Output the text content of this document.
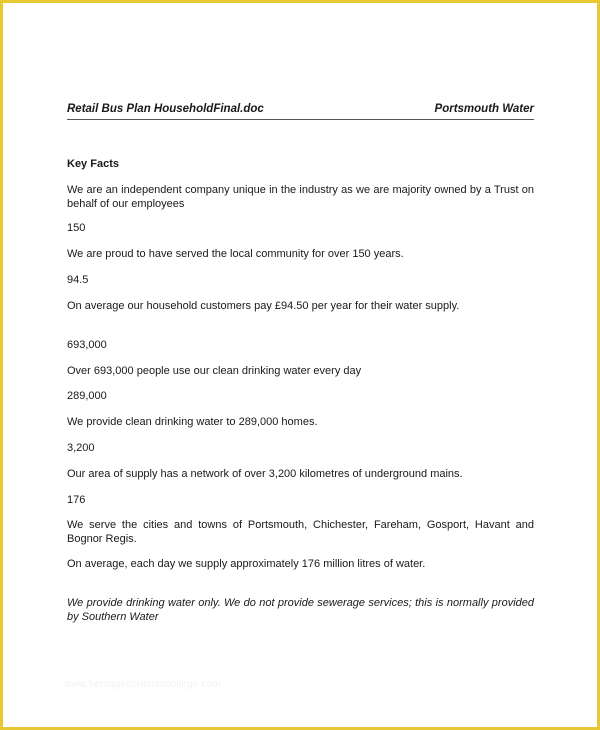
Retail Bus Plan HouseholdFinal.doc	Portsmouth Water

Key Facts

We are an independent company unique in the industry as we are majority owned by a Trust on behalf of our employees

150

We are proud to have served the local community for over 150 years.

94.5

On average our household customers pay £94.50 per year for their water supply.

693,000

Over 693,000 people use our clean drinking water every day

289,000

We provide clean drinking water to 289,000 homes.

3,200

Our area of supply has a network of over 3,200 kilometres of underground mains.

176

We serve the cities and towns of Portsmouth, Chichester, Fareham, Gosport, Havant and Bognor Regis.

On average, each day we supply approximately 176 million litres of water.

We provide drinking water only. We do not provide sewerage services; this is normally provided by Southern Water

www.heritagechristiancollege.com
